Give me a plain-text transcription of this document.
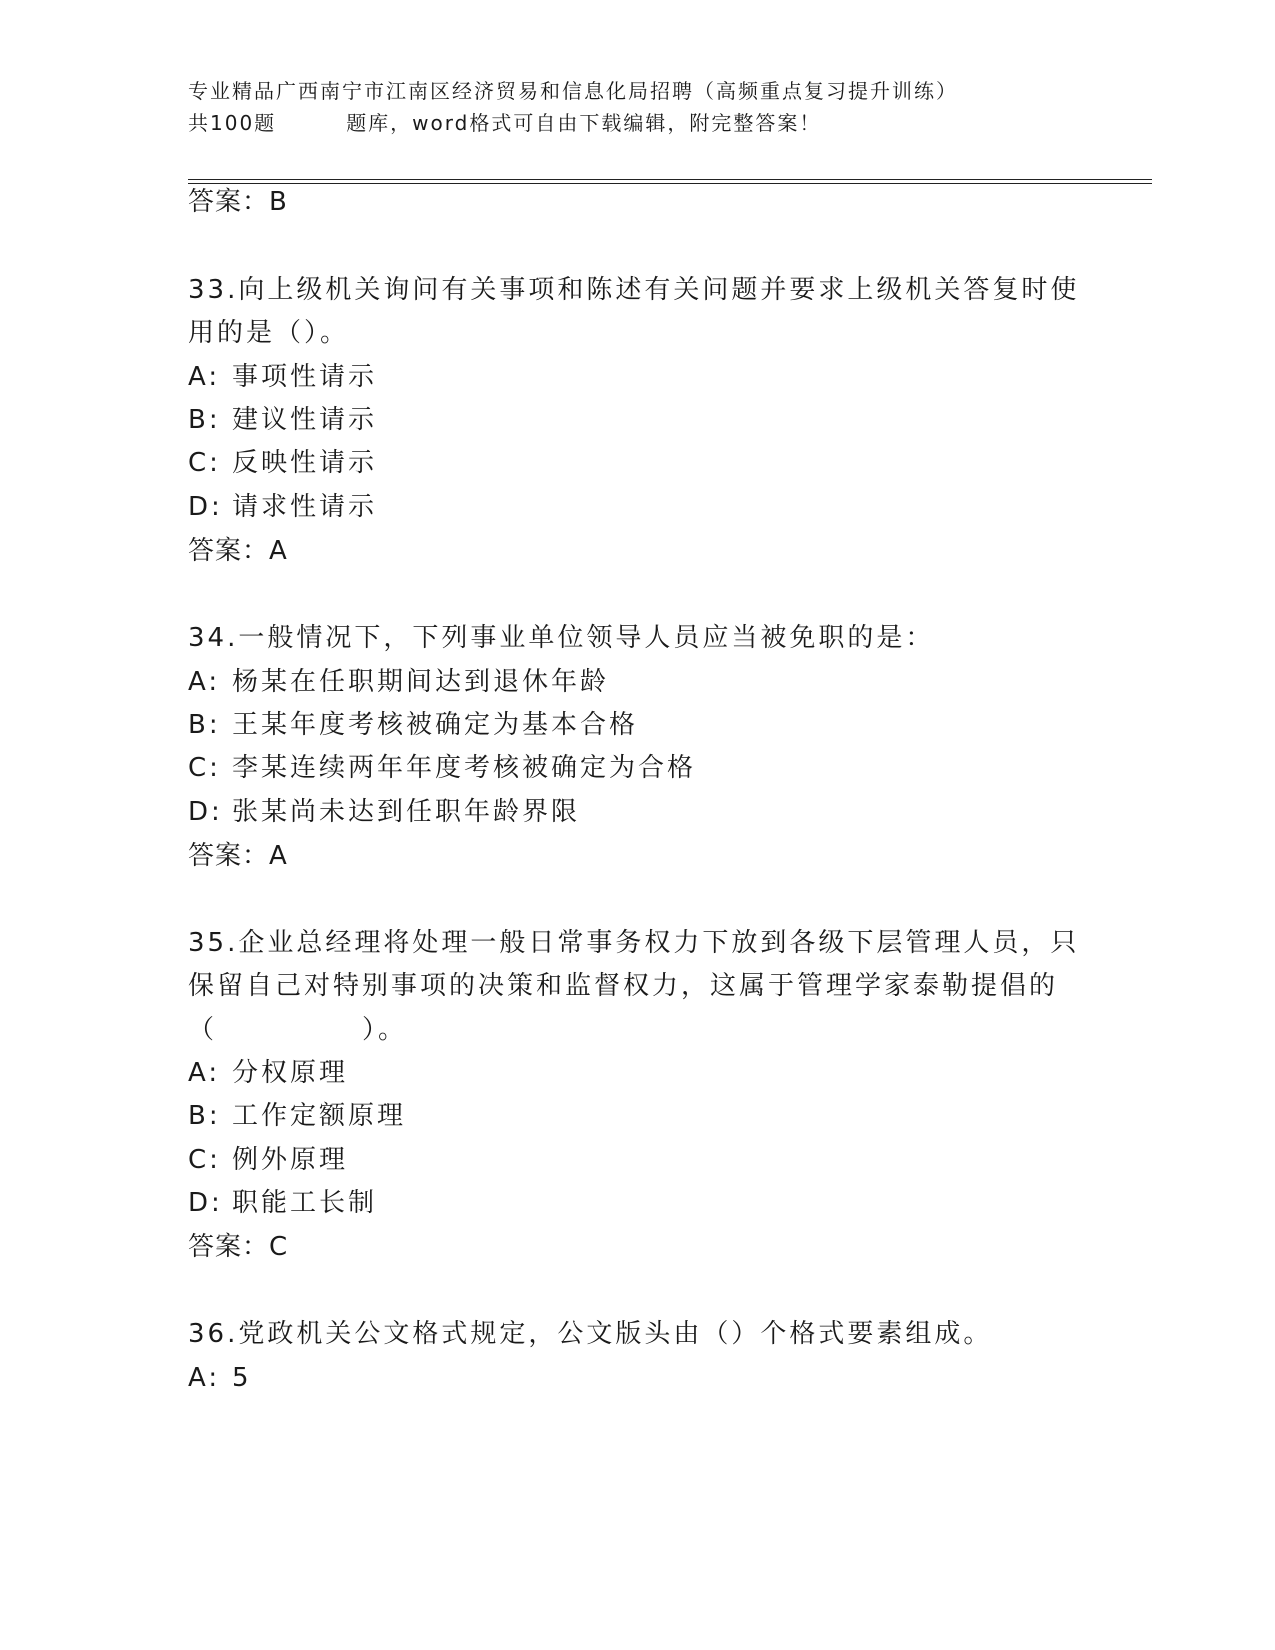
专业精品广西南宁市江南区经济贸易和信息化局招聘（高频重点复习提升训练）
共100题	题库，word格式可自由下载编辑，附完整答案！
答案：B
33.向上级机关询问有关事项和陈述有关问题并要求上级机关答复时使
用的是（）。
A: 事项性请示
B: 建议性请示
C: 反映性请示
D: 请求性请示
答案：A
34.一般情况下，下列事业单位领导人员应当被免职的是：
A: 杨某在任职期间达到退休年龄
B: 王某年度考核被确定为基本合格
C: 李某连续两年年度考核被确定为合格
D: 张某尚未达到任职年龄界限
答案：A
35.企业总经理将处理一般日常事务权力下放到各级下层管理人员，只
保留自己对特别事项的决策和监督权力，这属于管理学家泰勒提倡的
（　　　　　）。
A: 分权原理
B: 工作定额原理
C: 例外原理
D: 职能工长制
答案：C
36.党政机关公文格式规定，公文版头由（）个格式要素组成。
A: 5
